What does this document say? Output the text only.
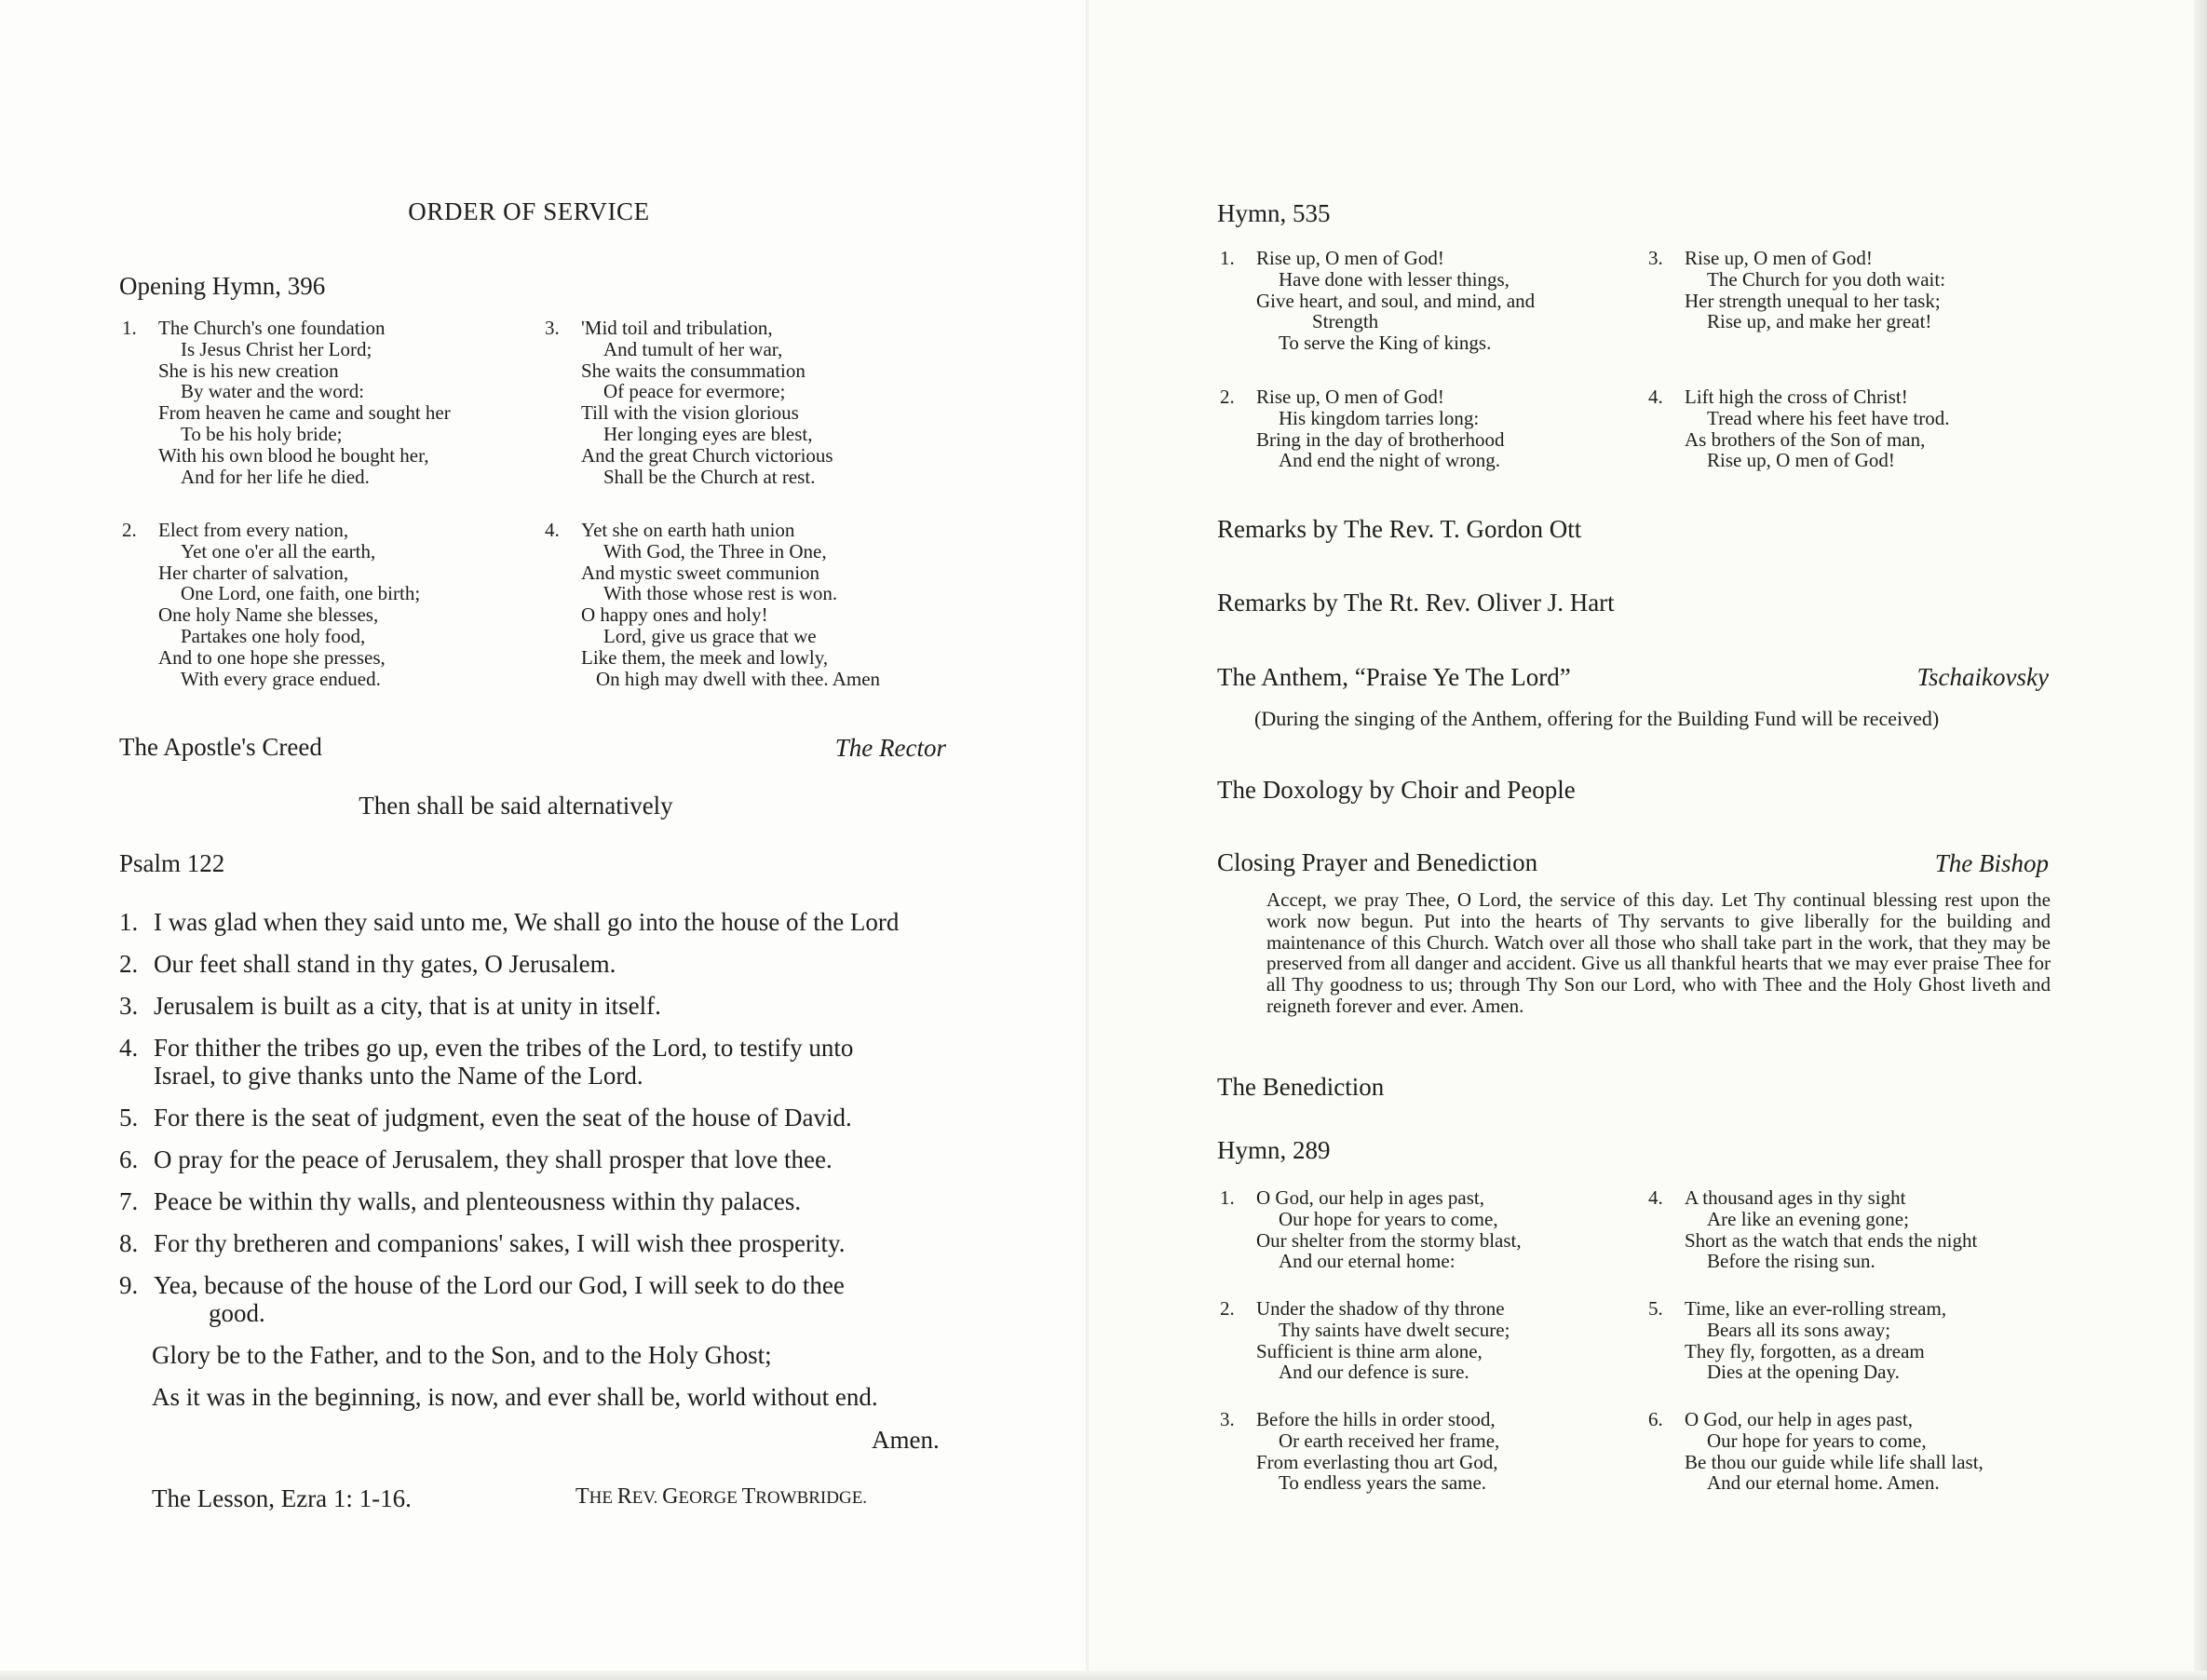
ORDER OF SERVICE
Opening Hymn, 396
1. The Church's one foundation
Is Jesus Christ her Lord;
She is his new creation
By water and the word:
From heaven he came and sought her
To be his holy bride;
With his own blood he bought her,
And for her life he died.
3. 'Mid toil and tribulation,
And tumult of her war,
She waits the consummation
Of peace for evermore;
Till with the vision glorious
Her longing eyes are blest,
And the great Church victorious
Shall be the Church at rest.
2. Elect from every nation,
Yet one o'er all the earth,
Her charter of salvation,
One Lord, one faith, one birth;
One holy Name she blesses,
Partakes one holy food,
And to one hope she presses,
With every grace endued.
4. Yet she on earth hath union
With God, the Three in One,
And mystic sweet communion
With those whose rest is won.
O happy ones and holy!
Lord, give us grace that we
Like them, the meek and lowly,
On high may dwell with thee. Amen
The Apostle's Creed	The Rector
Then shall be said alternatively
Psalm 122
1. I was glad when they said unto me, We shall go into the house of the Lord
2. Our feet shall stand in thy gates, O Jerusalem.
3. Jerusalem is built as a city, that is at unity in itself.
4. For thither the tribes go up, even the tribes of the Lord, to testify unto
Israel, to give thanks unto the Name of the Lord.
5. For there is the seat of judgment, even the seat of the house of David.
6. O pray for the peace of Jerusalem, they shall prosper that love thee.
7. Peace be within thy walls, and plenteousness within thy palaces.
8. For thy bretheren and companions' sakes, I will wish thee prosperity.
9. Yea, because of the house of the Lord our God, I will seek to do thee
good.
Glory be to the Father, and to the Son, and to the Holy Ghost;
As it was in the beginning, is now, and ever shall be, world without end.
Amen.
The Lesson, Ezra 1: 1-16.	THE REV. GEORGE TROWBRIDGE.
Hymn, 535
1. Rise up, O men of God!
Have done with lesser things,
Give heart, and soul, and mind, and
Strength
To serve the King of kings.
3. Rise up, O men of God!
The Church for you doth wait:
Her strength unequal to her task;
Rise up, and make her great!
2. Rise up, O men of God!
His kingdom tarries long:
Bring in the day of brotherhood
And end the night of wrong.
4. Lift high the cross of Christ!
Tread where his feet have trod.
As brothers of the Son of man,
Rise up, O men of God!
Remarks by The Rev. T. Gordon Ott
Remarks by The Rt. Rev. Oliver J. Hart
The Anthem, “Praise Ye The Lord”	Tschaikovsky
(During the singing of the Anthem, offering for the Building Fund will be received)
The Doxology by Choir and People
Closing Prayer and Benediction	The Bishop
Accept, we pray Thee, O Lord, the service of this day. Let Thy continual blessing rest upon the work now begun. Put into the hearts of Thy servants to give liberally for the building and maintenance of this Church. Watch over all those who shall take part in the work, that they may be preserved from all danger and accident. Give us all thankful hearts that we may ever praise Thee for all Thy goodness to us; through Thy Son our Lord, who with Thee and the Holy Ghost liveth and reigneth forever and ever. Amen.
The Benediction
Hymn, 289
1. O God, our help in ages past,
Our hope for years to come,
Our shelter from the stormy blast,
And our eternal home:
4. A thousand ages in thy sight
Are like an evening gone;
Short as the watch that ends the night
Before the rising sun.
2. Under the shadow of thy throne
Thy saints have dwelt secure;
Sufficient is thine arm alone,
And our defence is sure.
5. Time, like an ever-rolling stream,
Bears all its sons away;
They fly, forgotten, as a dream
Dies at the opening Day.
3. Before the hills in order stood,
Or earth received her frame,
From everlasting thou art God,
To endless years the same.
6. O God, our help in ages past,
Our hope for years to come,
Be thou our guide while life shall last,
And our eternal home. Amen.
